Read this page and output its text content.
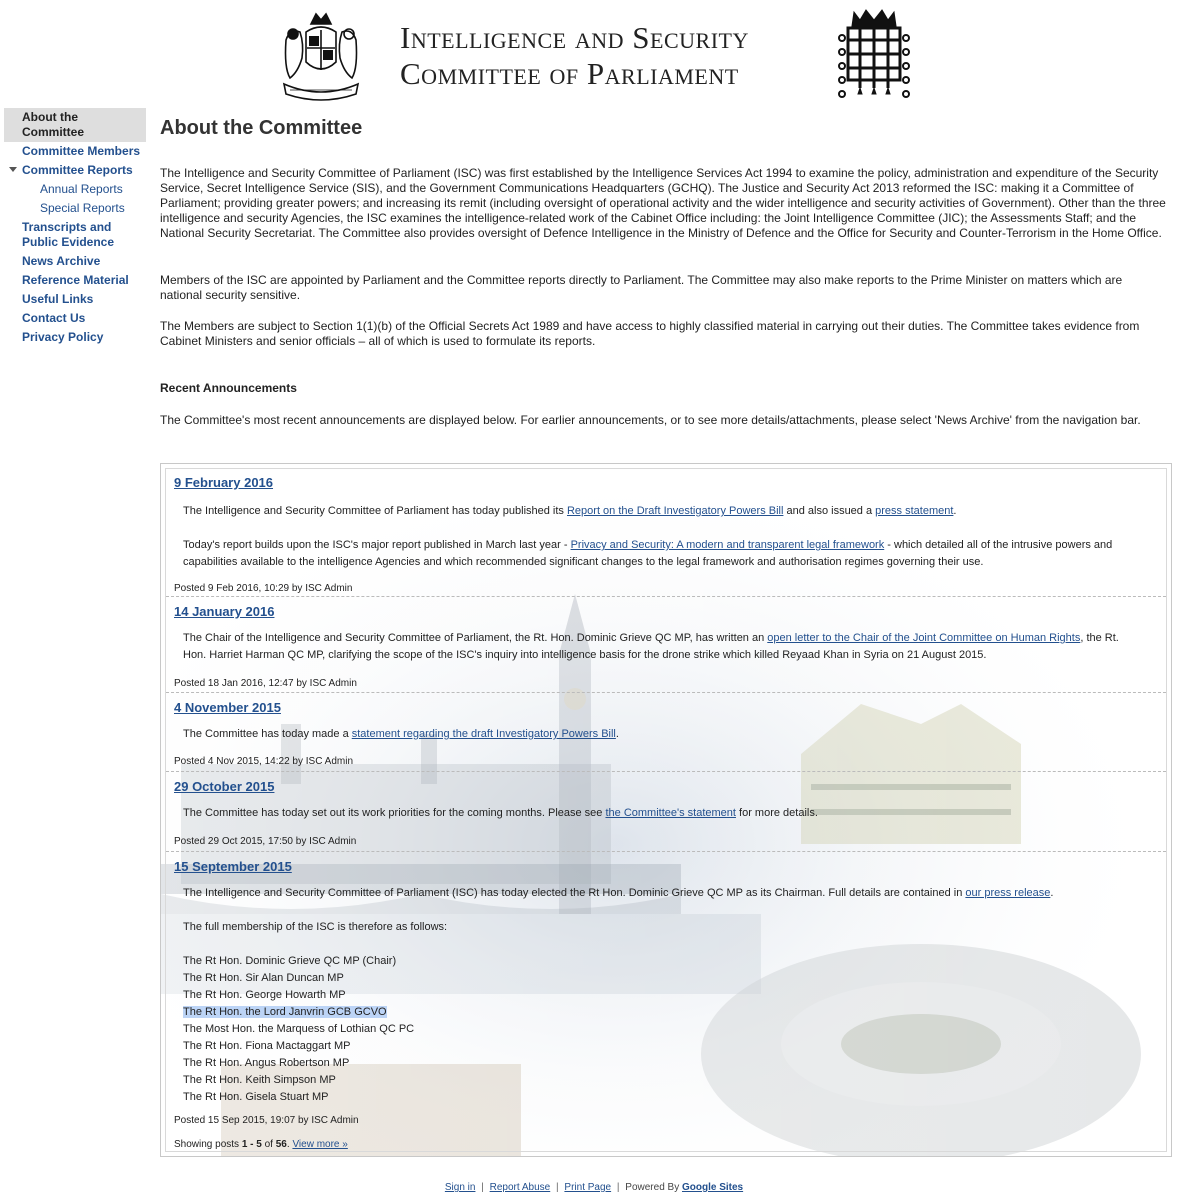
Intelligence and Security
Committee of Parliament
About the Committee
Committee Members
Committee Reports
Annual Reports
Special Reports
Transcripts and Public Evidence
News Archive
Reference Material
Useful Links
Contact Us
Privacy Policy
About the Committee

The Intelligence and Security Committee of Parliament (ISC) was first established by the Intelligence Services Act 1994 to examine the policy, administration and expenditure of the Security Service, Secret Intelligence Service (SIS), and the Government Communications Headquarters (GCHQ). The Justice and Security Act 2013 reformed the ISC: making it a Committee of Parliament; providing greater powers; and increasing its remit (including oversight of operational activity and the wider intelligence and security activities of Government). Other than the three intelligence and security Agencies, the ISC examines the intelligence-related work of the Cabinet Office including: the Joint Intelligence Committee (JIC); the Assessments Staff; and the National Security Secretariat. The Committee also provides oversight of Defence Intelligence in the Ministry of Defence and the Office for Security and Counter-Terrorism in the Home Office.

Members of the ISC are appointed by Parliament and the Committee reports directly to Parliament. The Committee may also make reports to the Prime Minister on matters which are national security sensitive.

The Members are subject to Section 1(1)(b) of the Official Secrets Act 1989 and have access to highly classified material in carrying out their duties. The Committee takes evidence from Cabinet Ministers and senior officials – all of which is used to formulate its reports.

Recent Announcements

The Committee's most recent announcements are displayed below. For earlier announcements, or to see more details/attachments, please select 'News Archive' from the navigation bar.

9 February 2016

The Intelligence and Security Committee of Parliament has today published its Report on the Draft Investigatory Powers Bill and also issued a press statement.

Today's report builds upon the ISC's major report published in March last year - Privacy and Security: A modern and transparent legal framework - which detailed all of the intrusive powers and capabilities available to the intelligence Agencies and which recommended significant changes to the legal framework and authorisation regimes governing their use.

Posted 9 Feb 2016, 10:29 by ISC Admin
14 January 2016

The Chair of the Intelligence and Security Committee of Parliament, the Rt. Hon. Dominic Grieve QC MP, has written an open letter to the Chair of the Joint Committee on Human Rights, the Rt. Hon. Harriet Harman QC MP, clarifying the scope of the ISC's inquiry into intelligence basis for the drone strike which killed Reyaad Khan in Syria on 21 August 2015.

Posted 18 Jan 2016, 12:47 by ISC Admin
4 November 2015

The Committee has today made a statement regarding the draft Investigatory Powers Bill.

Posted 4 Nov 2015, 14:22 by ISC Admin
29 October 2015

The Committee has today set out its work priorities for the coming months. Please see the Committee's statement for more details.

Posted 29 Oct 2015, 17:50 by ISC Admin
15 September 2015

The Intelligence and Security Committee of Parliament (ISC) has today elected the Rt Hon. Dominic Grieve QC MP as its Chairman. Full details are contained in our press release.

The full membership of the ISC is therefore as follows:

The Rt Hon. Dominic Grieve QC MP (Chair)
The Rt Hon. Sir Alan Duncan MP
The Rt Hon. George Howarth MP
The Rt Hon. the Lord Janvrin GCB GCVO
The Most Hon. the Marquess of Lothian QC PC
The Rt Hon. Fiona Mactaggart MP
The Rt Hon. Angus Robertson MP
The Rt Hon. Keith Simpson MP
The Rt Hon. Gisela Stuart MP
Posted 15 Sep 2015, 19:07 by ISC Admin
Showing posts 1 - 5 of 56. View more »
Sign in | Report Abuse | Print Page | Powered By Google Sites
